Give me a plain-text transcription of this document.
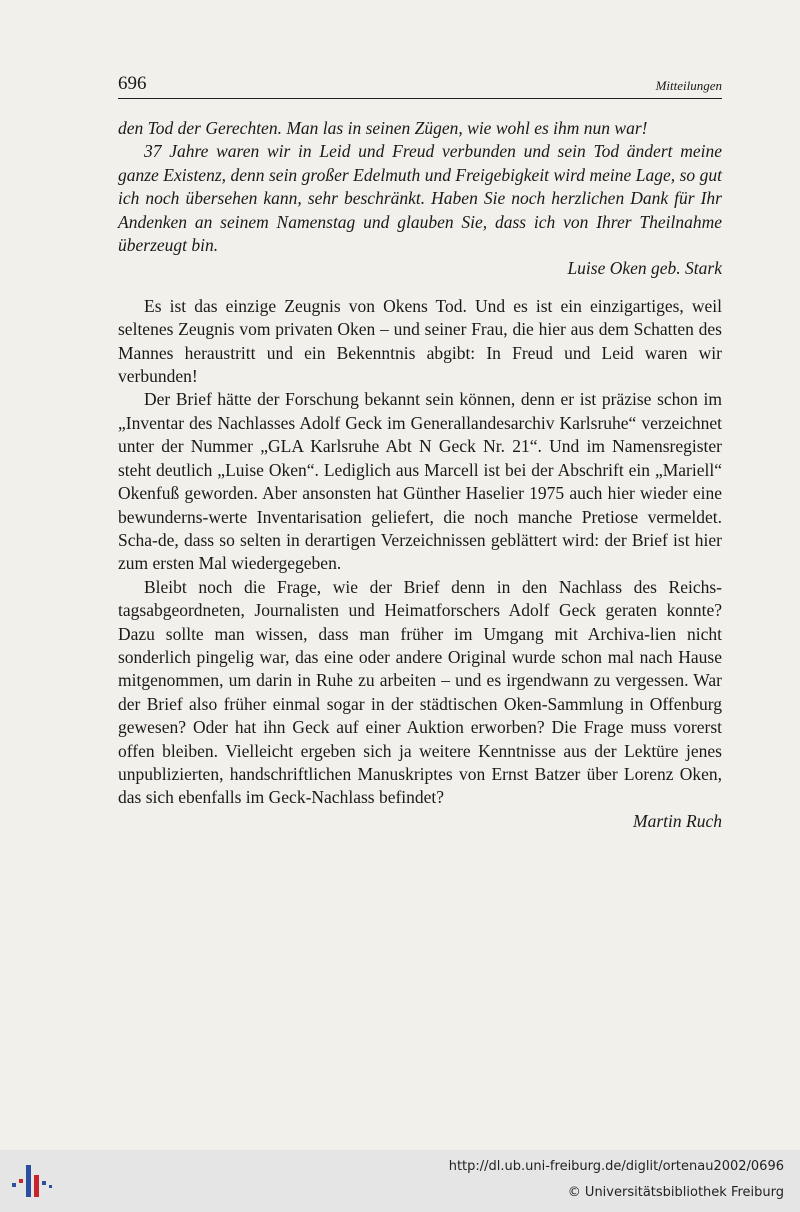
696	Mitteilungen

den Tod der Gerechten. Man las in seinen Zügen, wie wohl es ihm nun war!

37 Jahre waren wir in Leid und Freud verbunden und sein Tod ändert meine ganze Existenz, denn sein großer Edelmuth und Freigebigkeit wird meine Lage, so gut ich noch übersehen kann, sehr beschränkt. Haben Sie noch herzlichen Dank für Ihr Andenken an seinem Namenstag und glauben Sie, dass ich von Ihrer Theilnahme überzeugt bin.

Luise Oken geb. Stark

Es ist das einzige Zeugnis von Okens Tod. Und es ist ein einzigartiges, weil seltenes Zeugnis vom privaten Oken – und seiner Frau, die hier aus dem Schatten des Mannes heraustritt und ein Bekenntnis abgibt: In Freud und Leid waren wir verbunden!

Der Brief hätte der Forschung bekannt sein können, denn er ist präzise schon im „Inventar des Nachlasses Adolf Geck im Generallandesarchiv Karlsruhe“ verzeichnet unter der Nummer „GLA Karlsruhe Abt N Geck Nr. 21“. Und im Namensregister steht deutlich „Luise Oken“. Lediglich aus Marcell ist bei der Abschrift ein „Mariell“ Okenfuß geworden. Aber ansonsten hat Günther Haselier 1975 auch hier wieder eine bewunderns-werte Inventarisation geliefert, die noch manche Pretiose vermeldet. Scha-de, dass so selten in derartigen Verzeichnissen geblättert wird: der Brief ist hier zum ersten Mal wiedergegeben.

Bleibt noch die Frage, wie der Brief denn in den Nachlass des Reichs-tagsabgeordneten, Journalisten und Heimatforschers Adolf Geck geraten konnte? Dazu sollte man wissen, dass man früher im Umgang mit Archiva-lien nicht sonderlich pingelig war, das eine oder andere Original wurde schon mal nach Hause mitgenommen, um darin in Ruhe zu arbeiten – und es irgendwann zu vergessen. War der Brief also früher einmal sogar in der städtischen Oken-Sammlung in Offenburg gewesen? Oder hat ihn Geck auf einer Auktion erworben? Die Frage muss vorerst offen bleiben. Vielleicht ergeben sich ja weitere Kenntnisse aus der Lektüre jenes unpublizierten, handschriftlichen Manuskriptes von Ernst Batzer über Lorenz Oken, das sich ebenfalls im Geck-Nachlass befindet?

Martin Ruch

http://dl.ub.uni-freiburg.de/diglit/ortenau2002/0696
© Universitätsbibliothek Freiburg
